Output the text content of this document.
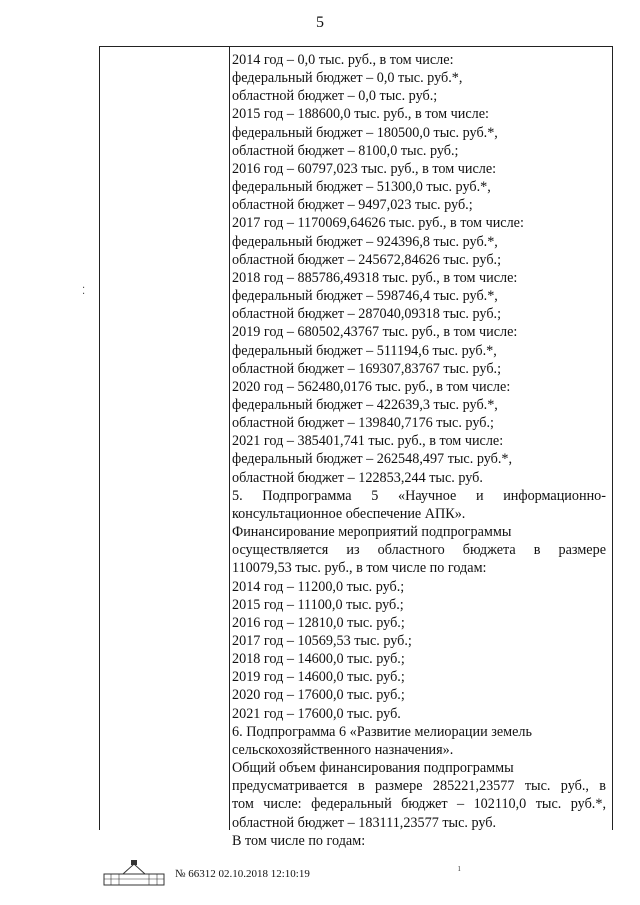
5
2014 год – 0,0 тыс. руб., в том числе:
федеральный бюджет – 0,0 тыс. руб.*,
областной бюджет – 0,0 тыс. руб.;
2015 год – 188600,0 тыс. руб., в том числе:
федеральный бюджет – 180500,0 тыс. руб.*,
областной бюджет – 8100,0 тыс. руб.;
2016 год – 60797,023 тыс. руб., в том числе:
федеральный бюджет – 51300,0 тыс. руб.*,
областной бюджет – 9497,023 тыс. руб.;
2017 год – 1170069,64626 тыс. руб., в том числе:
федеральный бюджет – 924396,8 тыс. руб.*,
областной бюджет – 245672,84626 тыс. руб.;
2018 год – 885786,49318 тыс. руб., в том числе:
федеральный бюджет – 598746,4 тыс. руб.*,
областной бюджет – 287040,09318 тыс. руб.;
2019 год – 680502,43767 тыс. руб., в том числе:
федеральный бюджет – 511194,6 тыс. руб.*,
областной бюджет – 169307,83767 тыс. руб.;
2020 год – 562480,0176 тыс. руб., в том числе:
федеральный бюджет – 422639,3 тыс. руб.*,
областной бюджет – 139840,7176 тыс. руб.;
2021 год – 385401,741 тыс. руб., в том числе:
федеральный бюджет – 262548,497 тыс. руб.*,
областной бюджет – 122853,244 тыс. руб.
5. Подпрограмма 5 «Научное и информационно-
консультационное обеспечение АПК».
Финансирование мероприятий подпрограммы
осуществляется из областного бюджета в размере
110079,53 тыс. руб., в том числе по годам:
2014 год – 11200,0 тыс. руб.;
2015 год – 11100,0 тыс. руб.;
2016 год – 12810,0 тыс. руб.;
2017 год – 10569,53 тыс. руб.;
2018 год – 14600,0 тыс. руб.;
2019 год – 14600,0 тыс. руб.;
2020 год – 17600,0 тыс. руб.;
2021 год – 17600,0 тыс. руб.
6. Подпрограмма 6 «Развитие мелиорации земель
сельскохозяйственного назначения».
Общий объем финансирования подпрограммы
предусматривается в размере 285221,23577 тыс. руб., в
том числе: федеральный бюджет – 102110,0 тыс. руб.*,
областной бюджет – 183111,23577 тыс. руб.
В том числе по годам:
⁚
ₗ
№ 66312 02.10.2018 12:10:19
